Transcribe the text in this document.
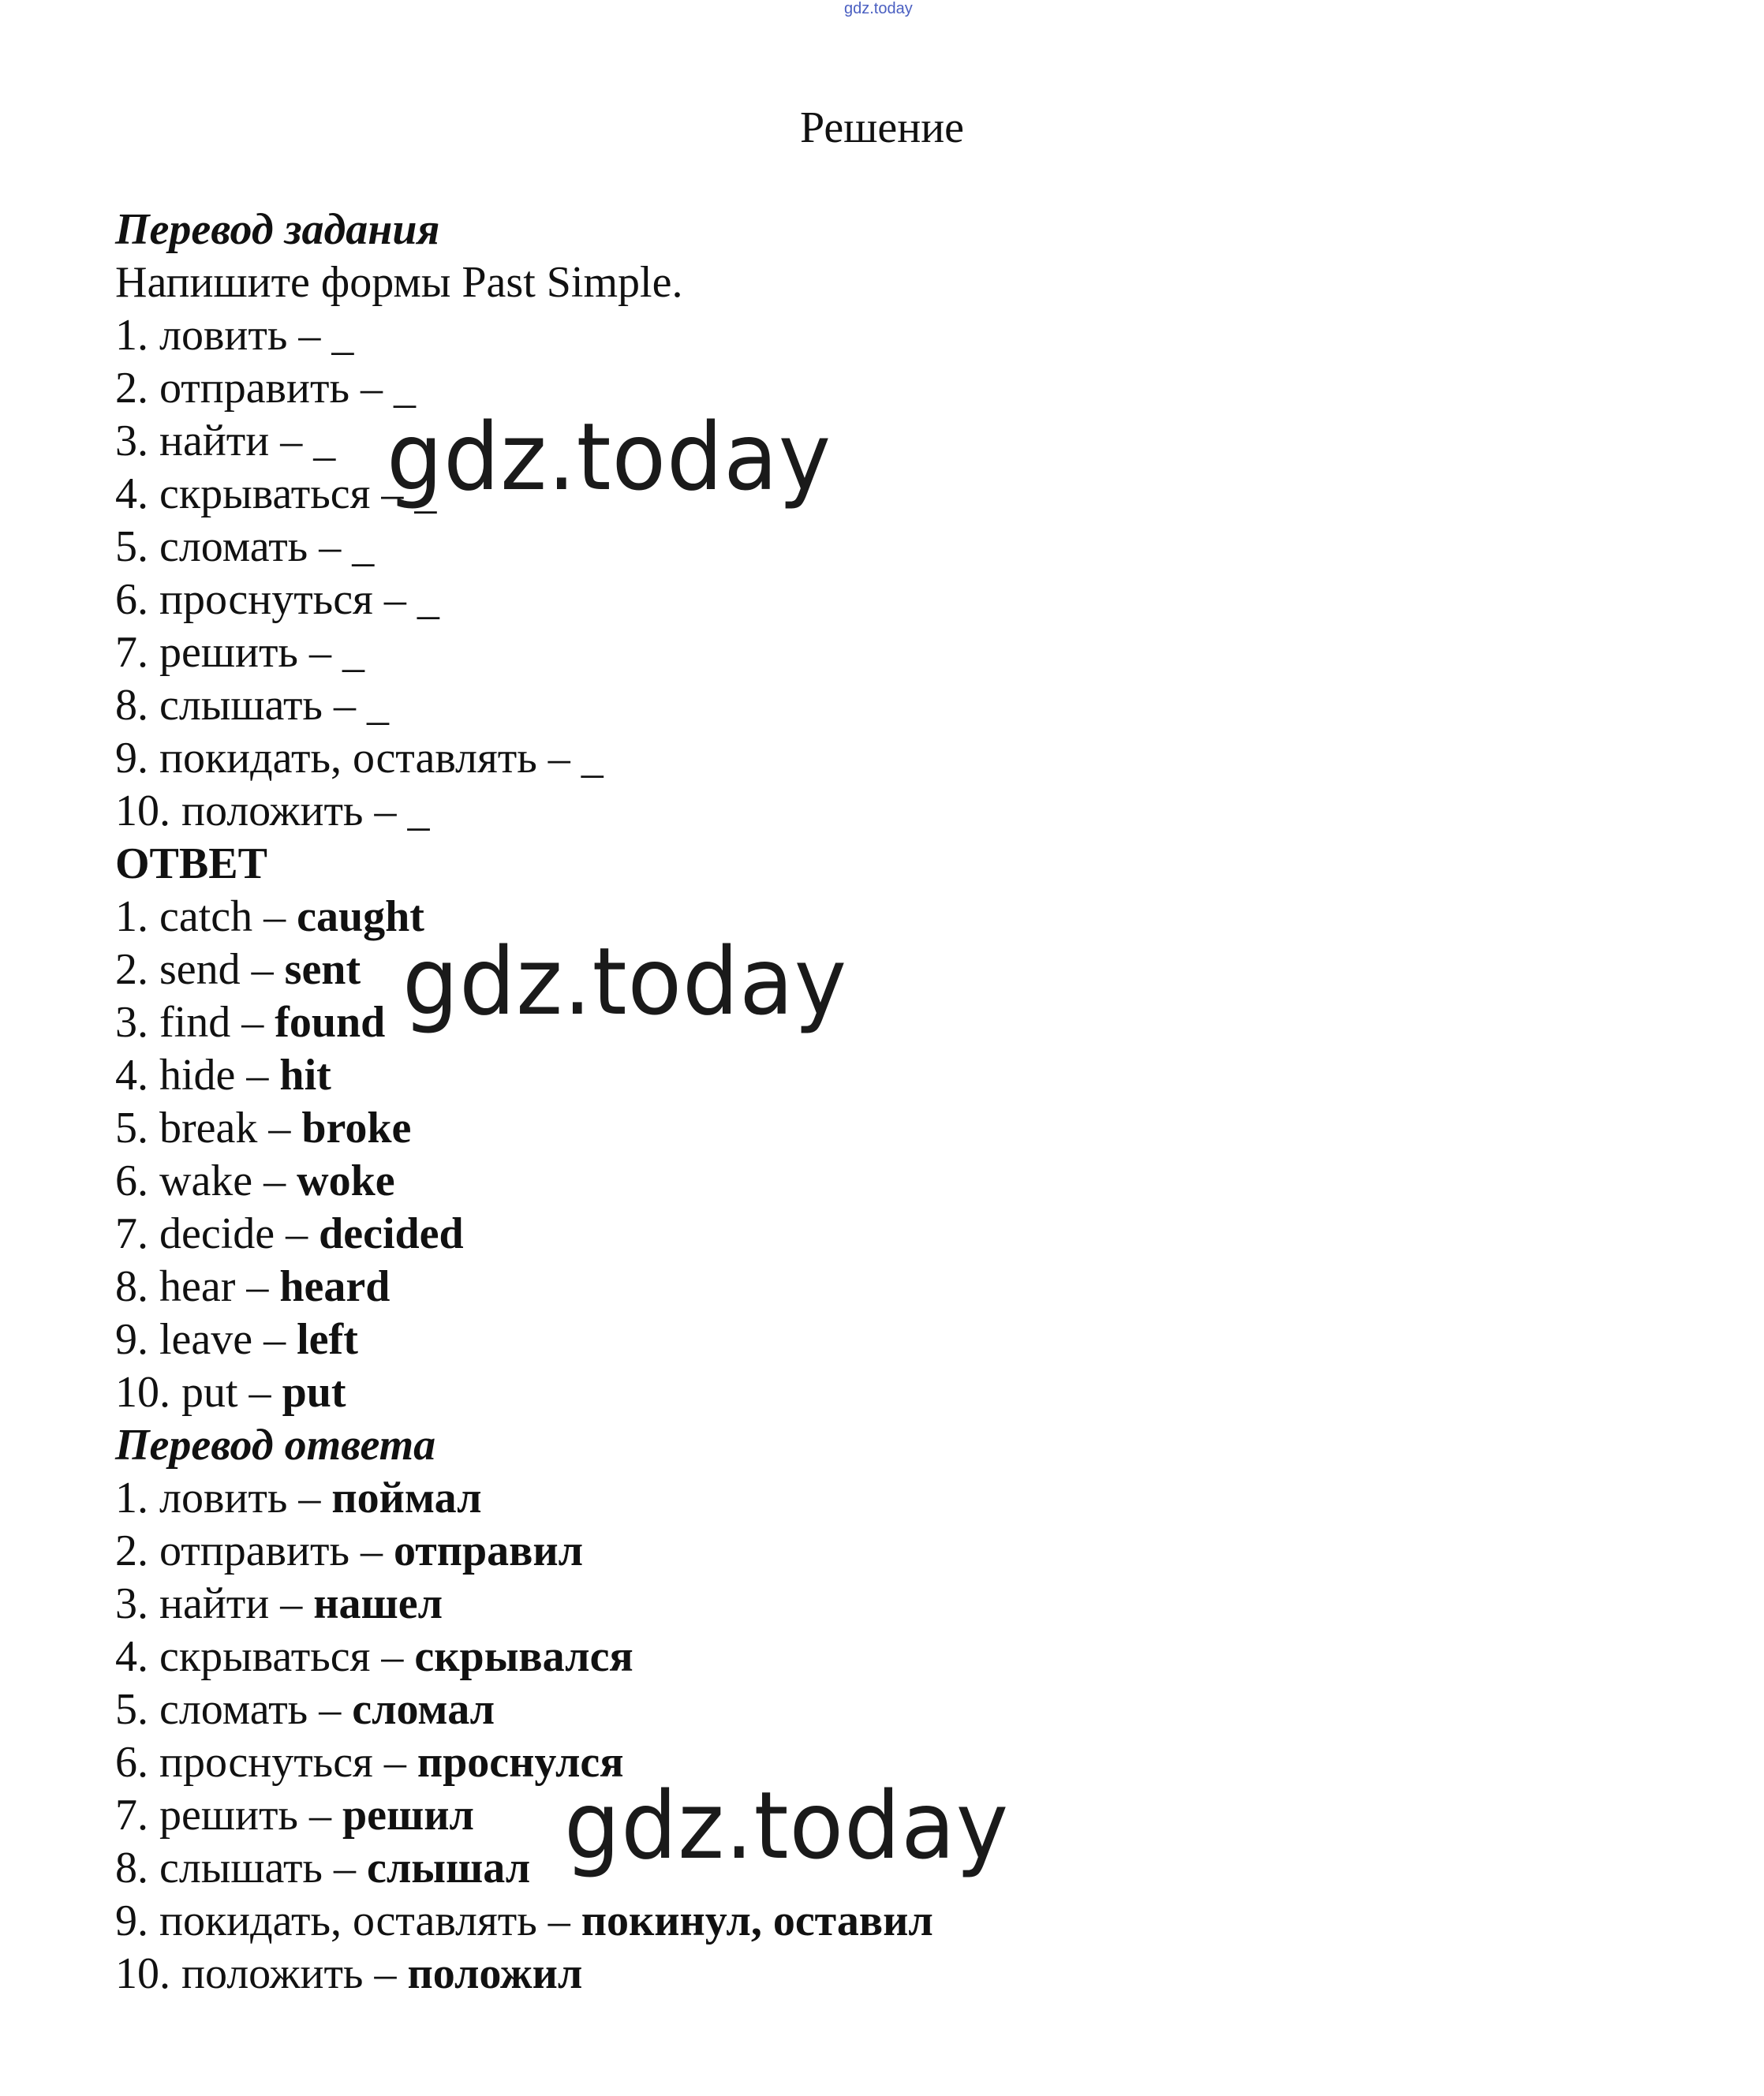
gdz.today
Решение
Перевод задания
Напишите формы Past Simple.
1. ловить – _
2. отправить – _
3. найти – _
4. скрываться – _
5. сломать – _
6. проснуться – _
7. решить – _
8. слышать – _
9. покидать, оставлять – _
10. положить – _
ОТВЕТ
1. catch – caught
2. send – sent
3. find – found
4. hide – hit
5. break – broke
6. wake – woke
7. decide – decided
8. hear – heard
9. leave – left
10. put – put
Перевод ответа
1. ловить – поймал
2. отправить – отправил
3. найти – нашел
4. скрываться – скрывался
5. сломать – сломал
6. проснуться – проснулся
7. решить – решил
8. слышать – слышал
9. покидать, оставлять – покинул, оставил
10. положить – положил
gdz.today
gdz.today
gdz.today
